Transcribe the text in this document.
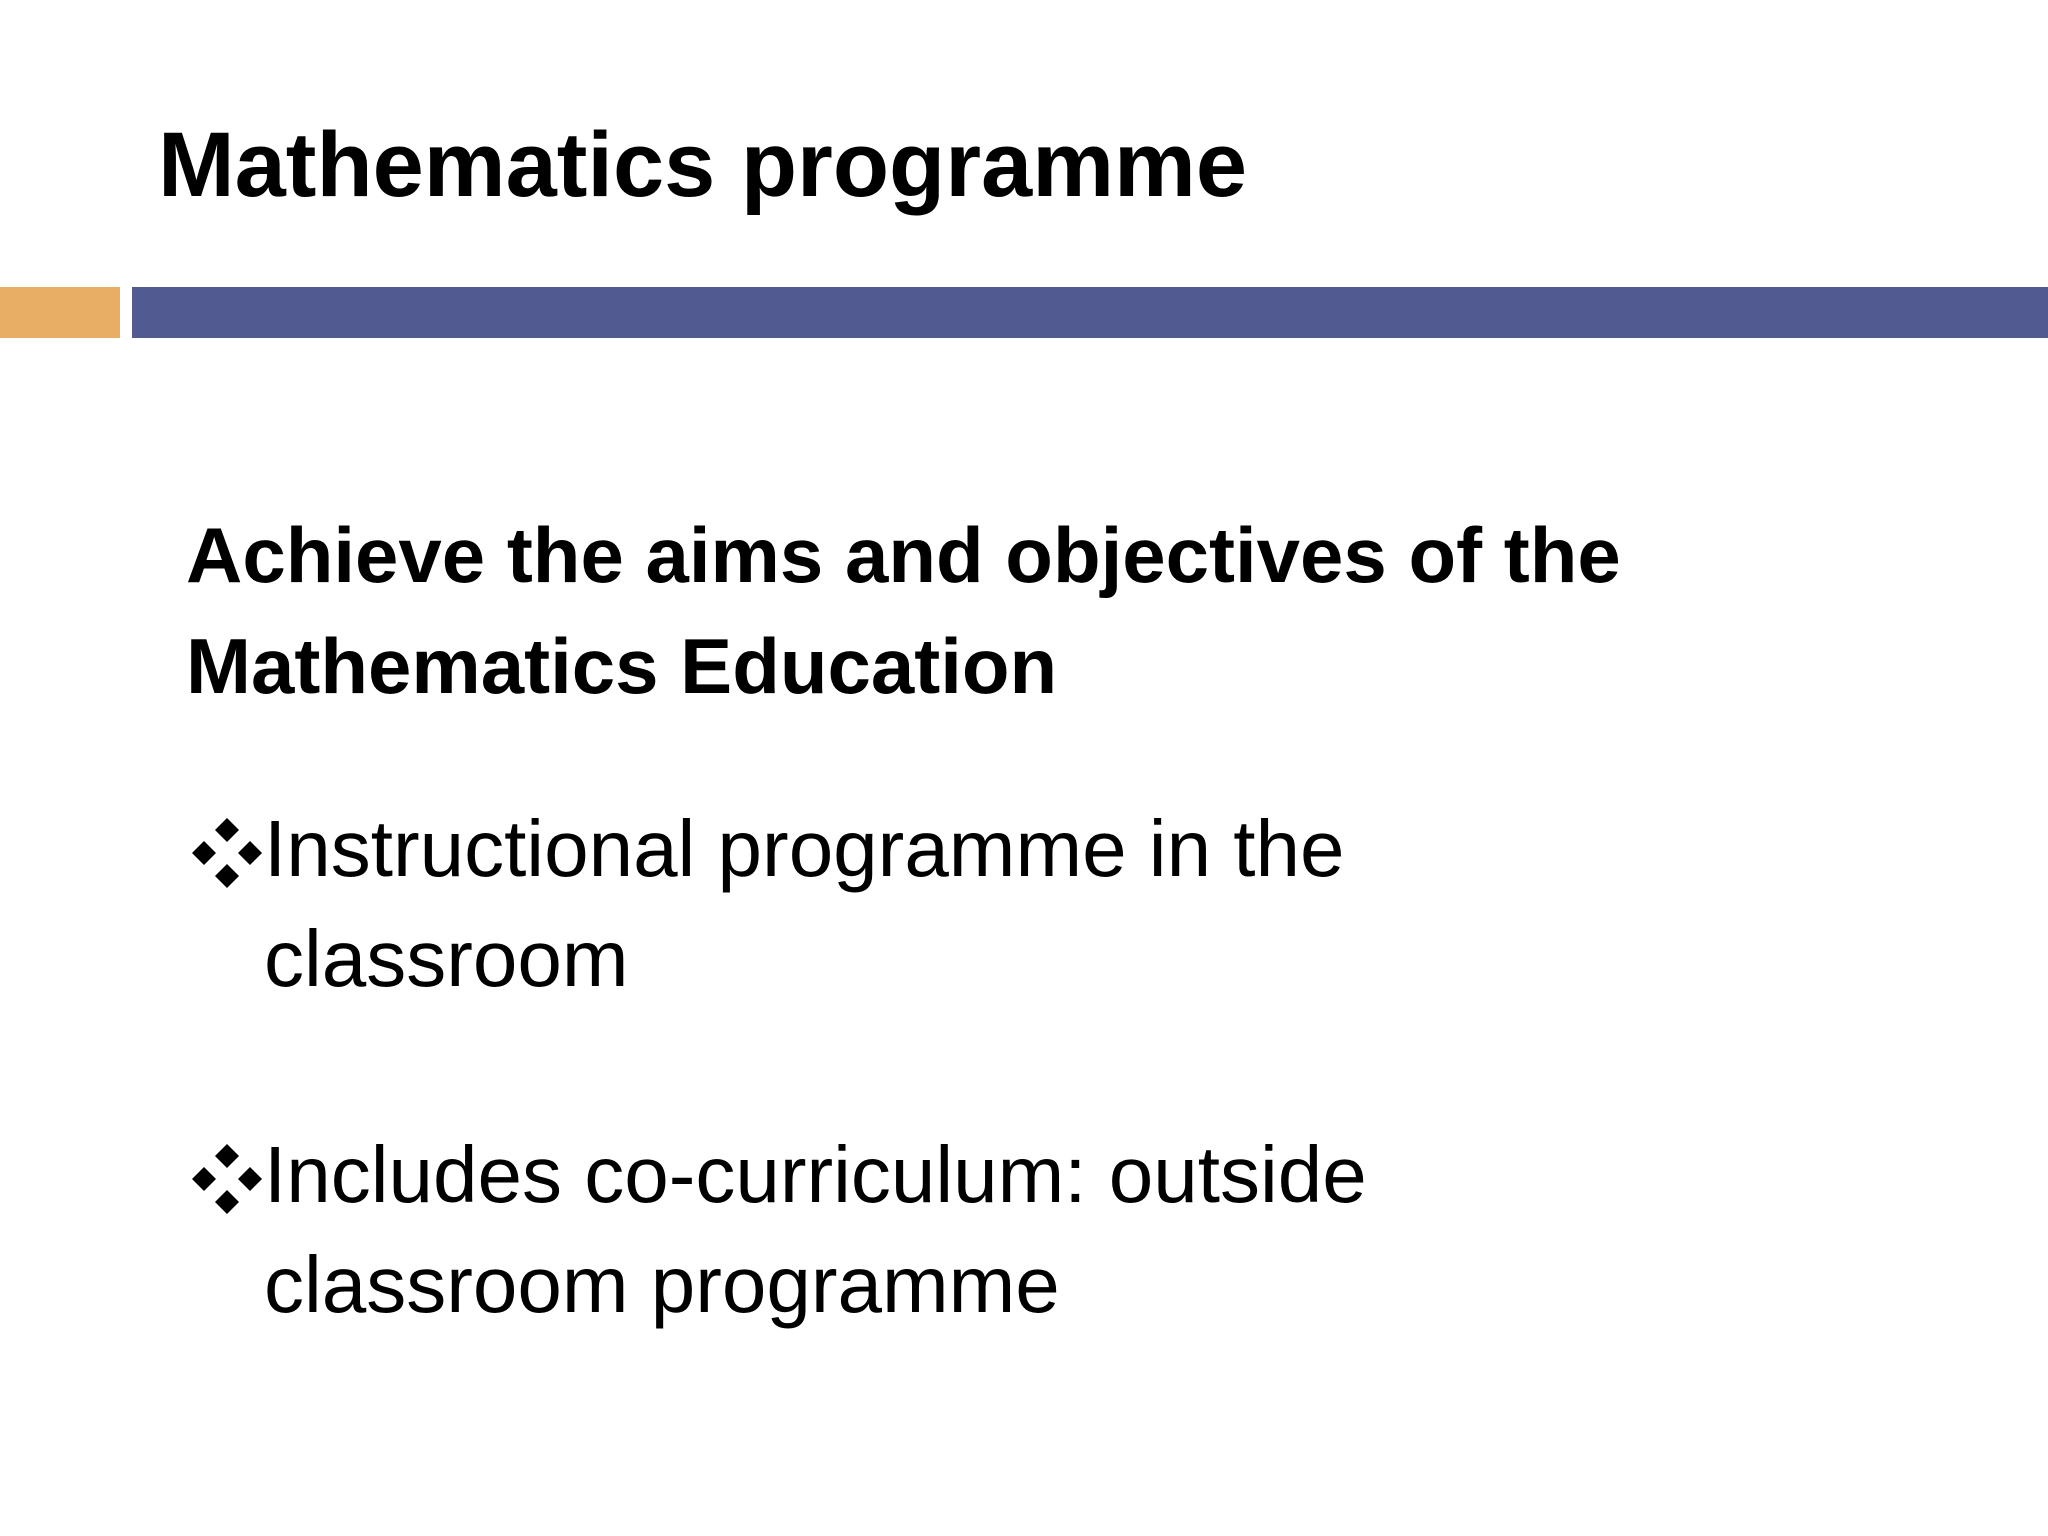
Mathematics programme
Achieve the aims and objectives of the Mathematics Education
Instructional programme in the classroom
Includes co-curriculum: outside classroom programme
